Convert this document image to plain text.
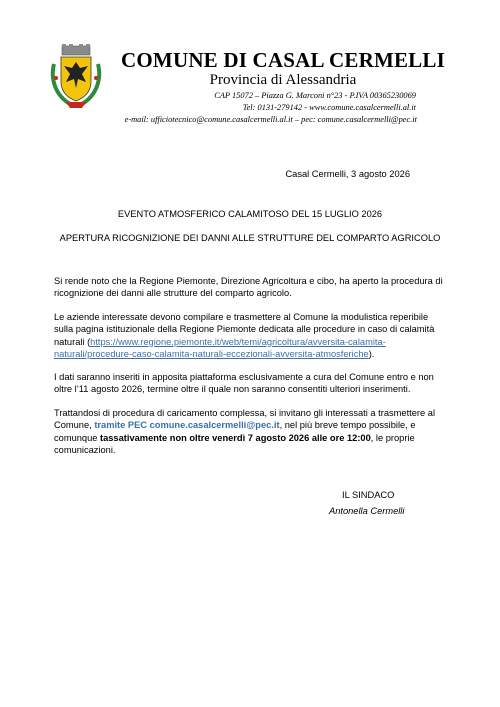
COMUNE DI CASAL CERMELLI
Provincia di Alessandria
CAP 15072 – Piazza G. Marconi n°23 - P.IVA 00365230069
Tel: 0131-279142 - www.comune.casalcermelli.al.it
e-mail: ufficiotecnico@comune.casalcermelli.al.it – pec: comune.casalcermelli@pec.it
Casal Cermelli, 3 agosto 2026
EVENTO ATMOSFERICO CALAMITOSO DEL 15 LUGLIO 2026
APERTURA RICOGNIZIONE DEI DANNI ALLE STRUTTURE DEL COMPARTO AGRICOLO
Si rende noto che la Regione Piemonte, Direzione Agricoltura e cibo, ha aperto la procedura di ricognizione dei danni alle strutture del comparto agricolo.
Le aziende interessate devono compilare e trasmettere al Comune la modulistica reperibile sulla pagina istituzionale della Regione Piemonte dedicata alle procedure in caso di calamità naturali (https://www.regione.piemonte.it/web/temi/agricoltura/avversita-calamita-naturali/procedure-caso-calamita-naturali-eccezionali-avversita-atmosferiche).
I dati saranno inseriti in apposita piattaforma esclusivamente a cura del Comune entro e non oltre l’11 agosto 2026, termine oltre il quale non saranno consentiti ulteriori inserimenti.
Trattandosi di procedura di caricamento complessa, si invitano gli interessati a trasmettere al Comune, tramite PEC comune.casalcermelli@pec.it, nel più breve tempo possibile, e comunque tassativamente non oltre venerdì 7 agosto 2026 alle ore 12:00, le proprie comunicazioni.
IL SINDACO
Antonella Cermelli
